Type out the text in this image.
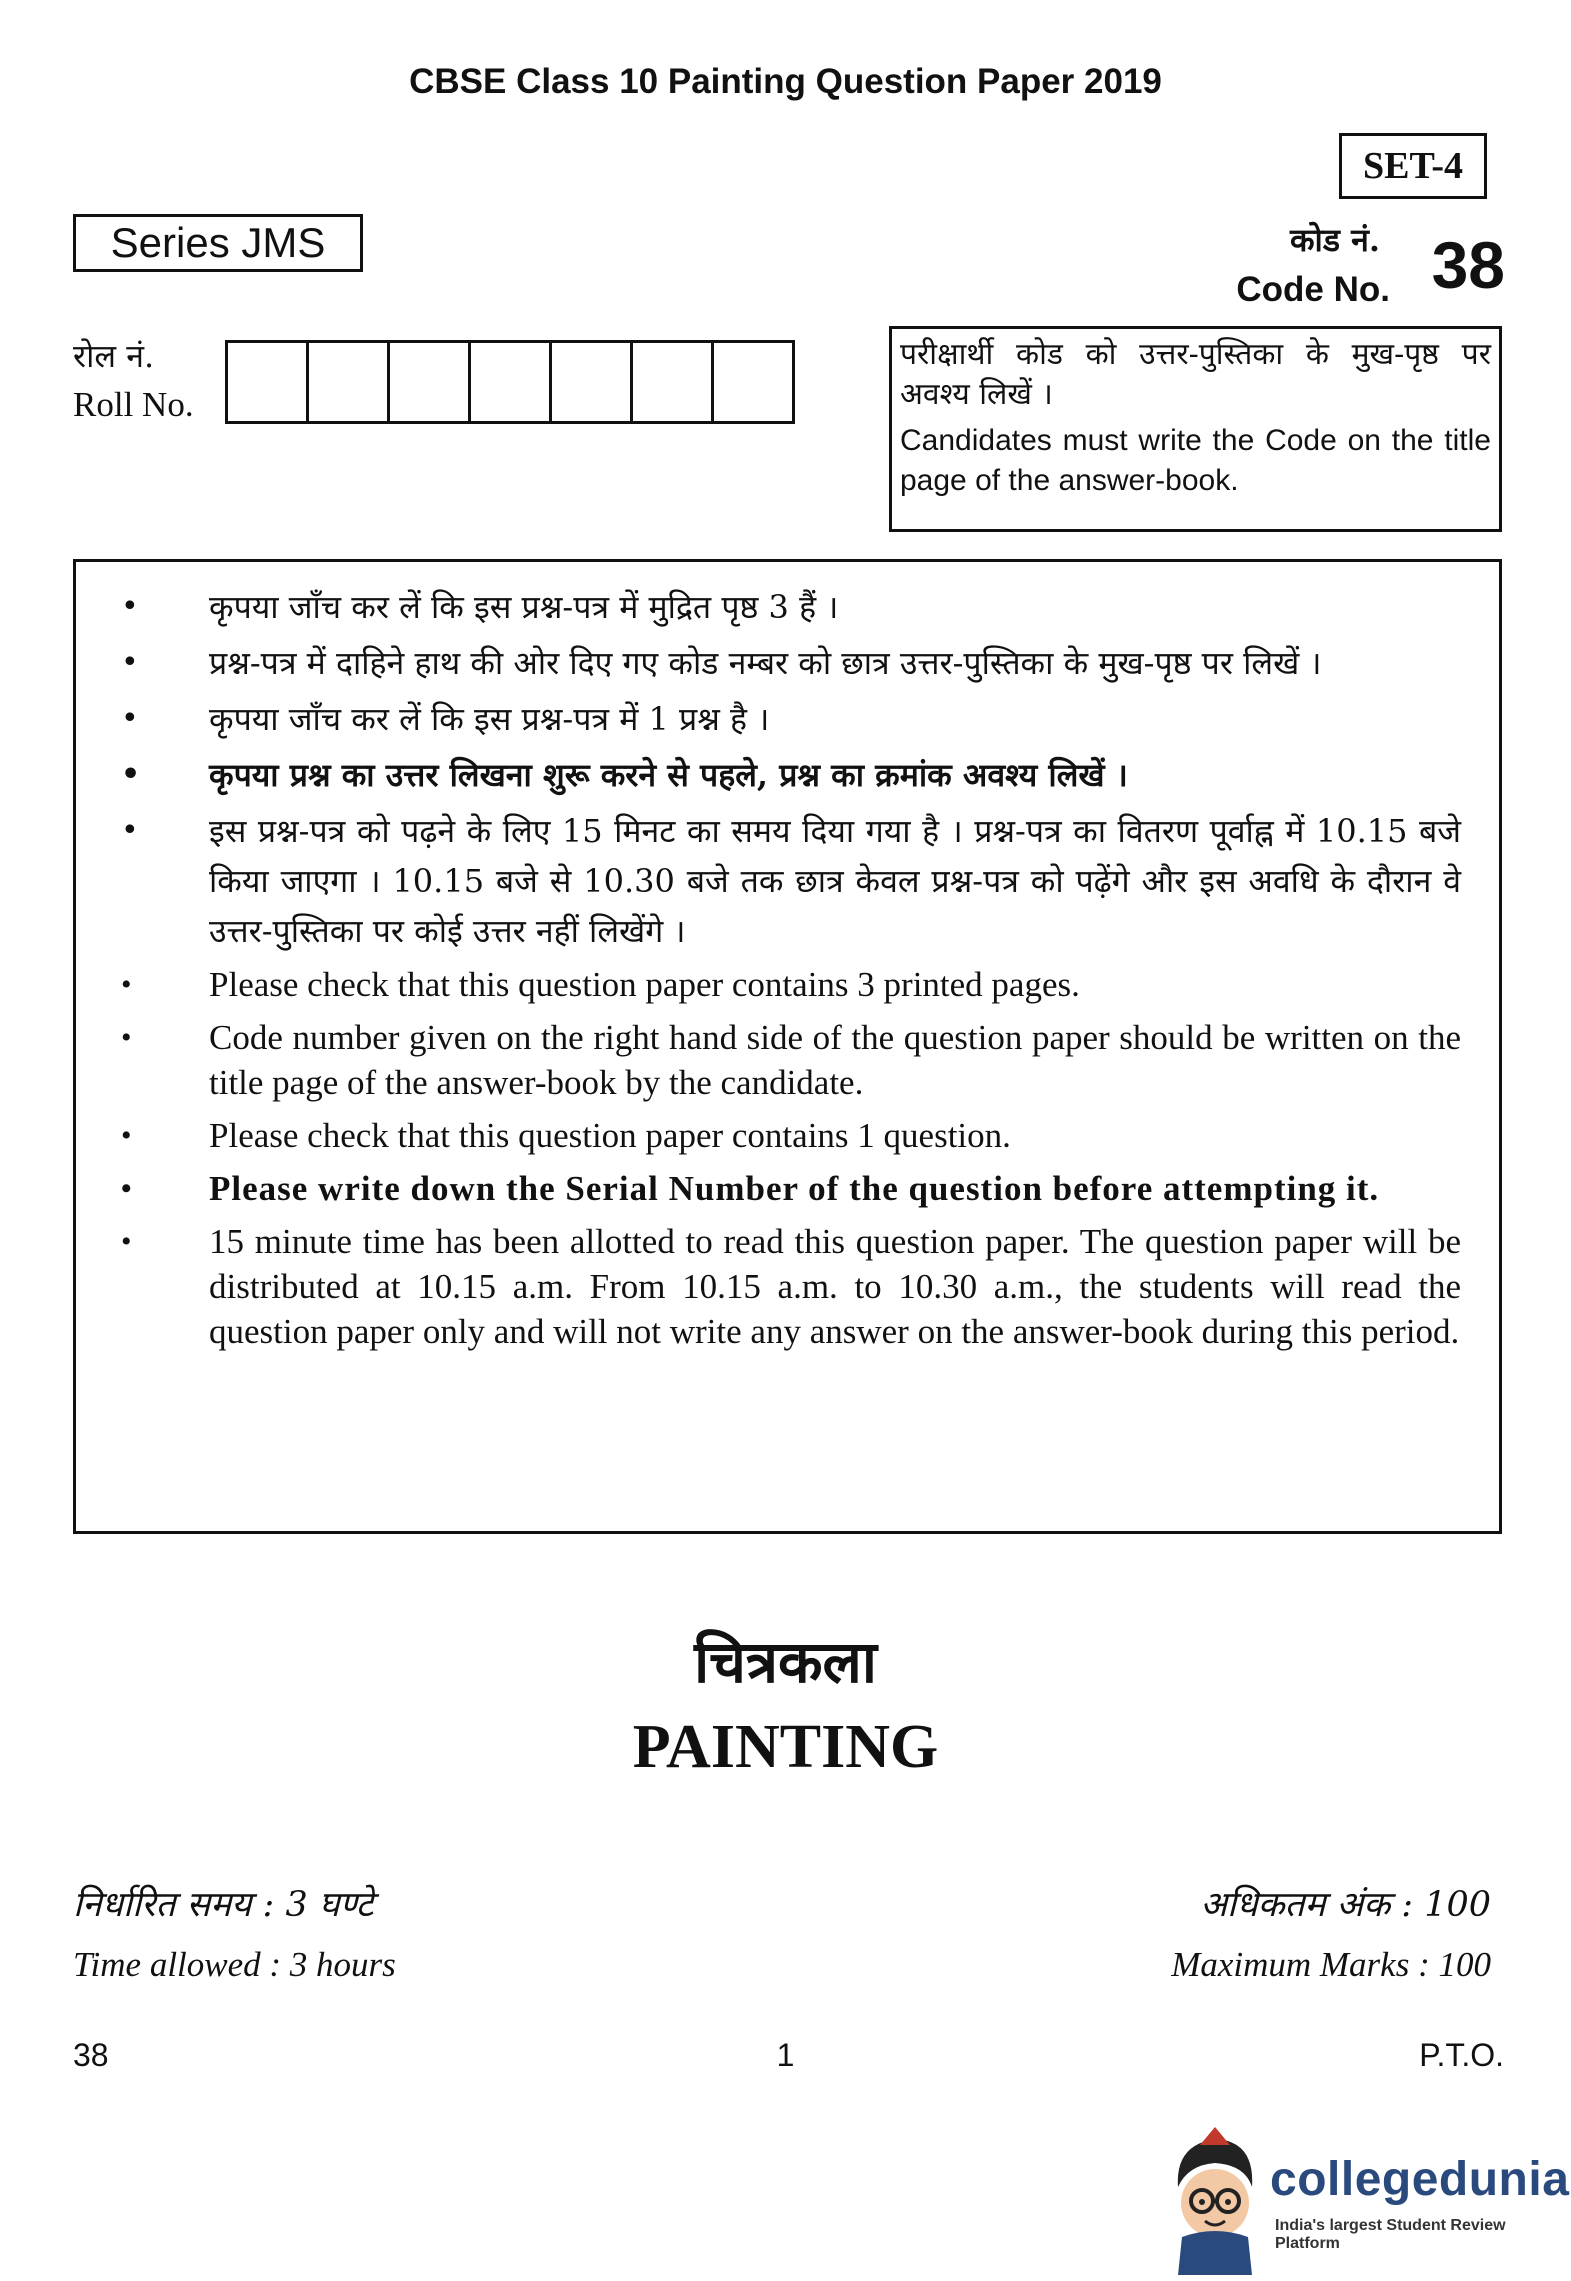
CBSE Class 10 Painting Question Paper 2019
SET-4
Series JMS	कोड नं.
Code No. 38
रोल नं.
Roll No.
परीक्षार्थी कोड को उत्तर-पुस्तिका के मुख-पृष्ठ पर अवश्य लिखें ।
Candidates must write the Code on the title page of the answer-book.
• कृपया जाँच कर लें कि इस प्रश्न-पत्र में मुद्रित पृष्ठ 3 हैं ।
• प्रश्न-पत्र में दाहिने हाथ की ओर दिए गए कोड नम्बर को छात्र उत्तर-पुस्तिका के मुख-पृष्ठ पर लिखें ।
• कृपया जाँच कर लें कि इस प्रश्न-पत्र में 1 प्रश्न है ।
• कृपया प्रश्न का उत्तर लिखना शुरू करने से पहले, प्रश्न का क्रमांक अवश्य लिखें ।
• इस प्रश्न-पत्र को पढ़ने के लिए 15 मिनट का समय दिया गया है । प्रश्न-पत्र का वितरण पूर्वाह्न में 10.15 बजे किया जाएगा । 10.15 बजे से 10.30 बजे तक छात्र केवल प्रश्न-पत्र को पढ़ेंगे और इस अवधि के दौरान वे उत्तर-पुस्तिका पर कोई उत्तर नहीं लिखेंगे ।
• Please check that this question paper contains 3 printed pages.
• Code number given on the right hand side of the question paper should be written on the title page of the answer-book by the candidate.
• Please check that this question paper contains 1 question.
• Please write down the Serial Number of the question before attempting it.
• 15 minute time has been allotted to read this question paper. The question paper will be distributed at 10.15 a.m. From 10.15 a.m. to 10.30 a.m., the students will read the question paper only and will not write any answer on the answer-book during this period.
चित्रकला
PAINTING
निर्धारित समय : 3 घण्टे
Time allowed : 3 hours
अधिकतम अंक : 100
Maximum Marks : 100
38	1	P.T.O.
collegedunia
India's largest Student Review Platform
